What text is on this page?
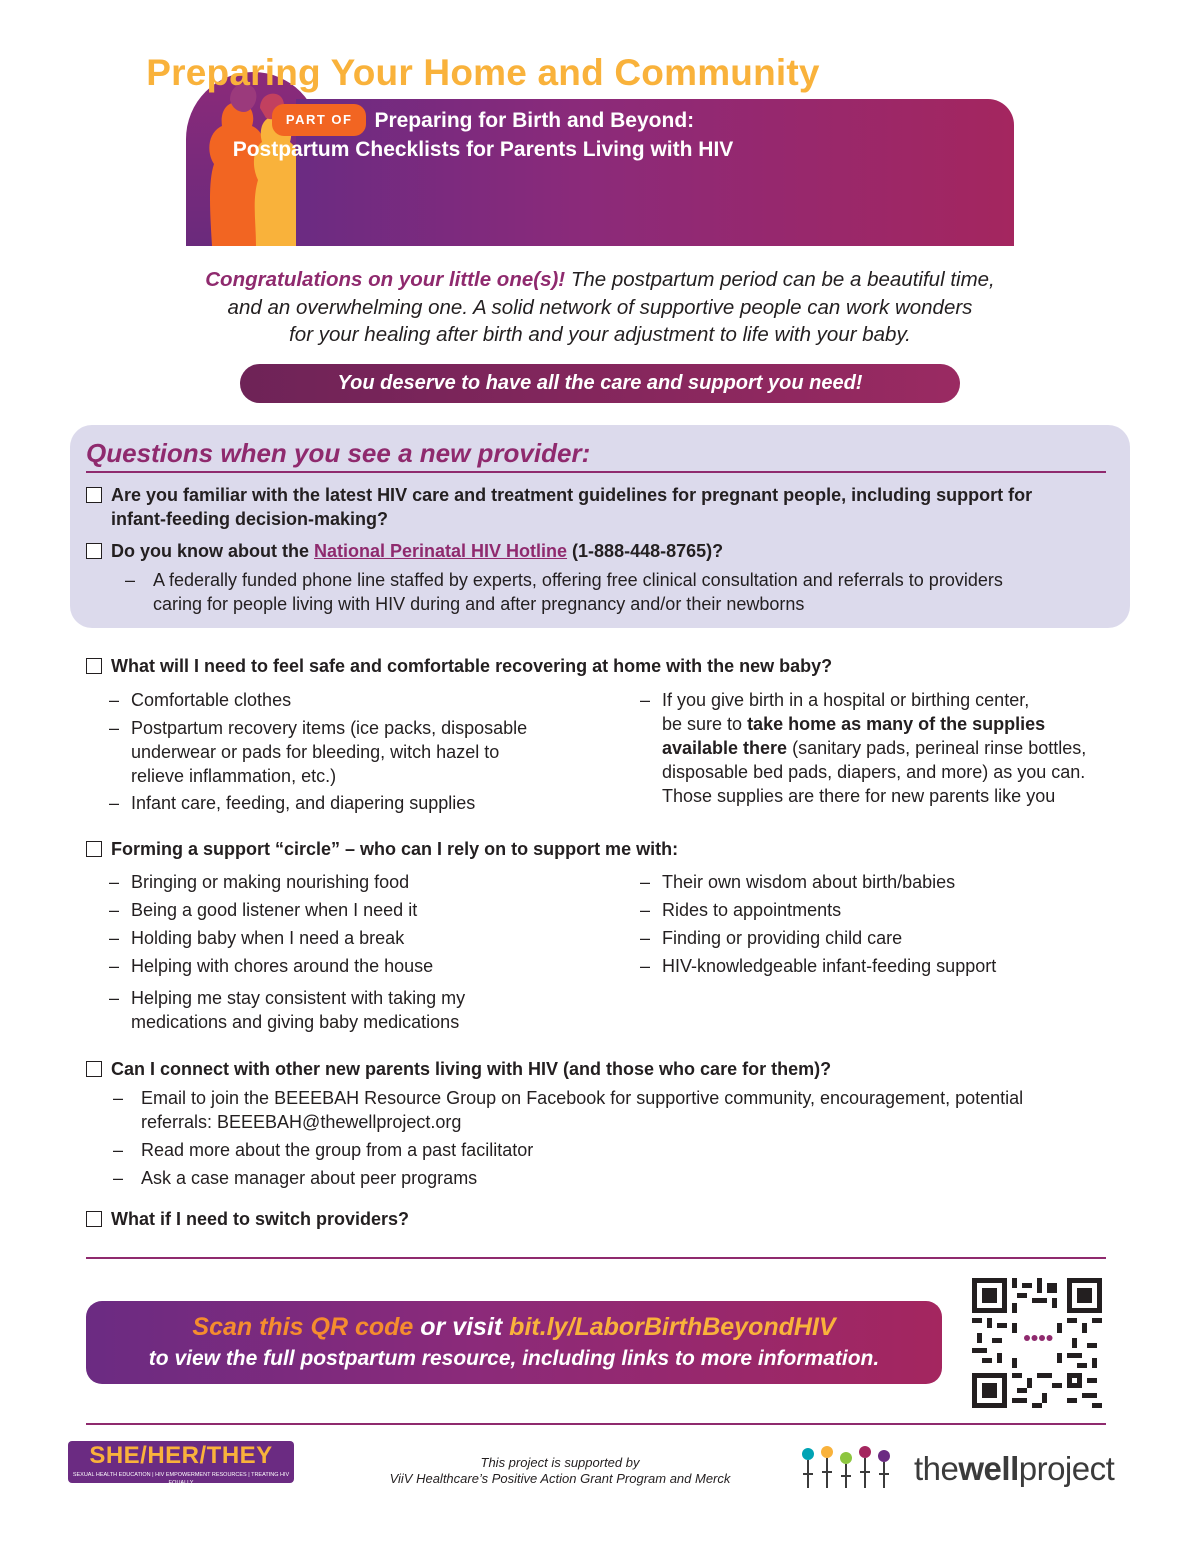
Preparing Your Home and Community
PART OF Preparing for Birth and Beyond:
Postpartum Checklists for Parents Living with HIV
Congratulations on your little one(s)! The postpartum period can be a beautiful time,
and an overwhelming one. A solid network of supportive people can work wonders
for your healing after birth and your adjustment to life with your baby.
You deserve to have all the care and support you need!
Questions when you see a new provider:
Are you familiar with the latest HIV care and treatment guidelines for pregnant people, including support for
infant-feeding decision-making?
Do you know about the National Perinatal HIV Hotline (1-888-448-8765)?
– A federally funded phone line staffed by experts, offering free clinical consultation and referrals to providers
caring for people living with HIV during and after pregnancy and/or their newborns
What will I need to feel safe and comfortable recovering at home with the new baby?
– Comfortable clothes
– Postpartum recovery items (ice packs, disposable
underwear or pads for bleeding, witch hazel to
relieve inflammation, etc.)
– Infant care, feeding, and diapering supplies
– If you give birth in a hospital or birthing center,
be sure to take home as many of the supplies
available there (sanitary pads, perineal rinse bottles,
disposable bed pads, diapers, and more) as you can.
Those supplies are there for new parents like you
Forming a support “circle” – who can I rely on to support me with:
– Bringing or making nourishing food
– Being a good listener when I need it
– Holding baby when I need a break
– Helping with chores around the house
– Helping me stay consistent with taking my
medications and giving baby medications
– Their own wisdom about birth/babies
– Rides to appointments
– Finding or providing child care
– HIV-knowledgeable infant-feeding support
Can I connect with other new parents living with HIV (and those who care for them)?
– Email to join the BEEEBAH Resource Group on Facebook for supportive community, encouragement, potential
referrals: BEEEBAH@thewellproject.org
– Read more about the group from a past facilitator
– Ask a case manager about peer programs
What if I need to switch providers?
Scan this QR code or visit bit.ly/LaborBirthBeyondHIV
to view the full postpartum resource, including links to more information.
SHE/HER/THEY
SEXUAL HEALTH EDUCATION | HIV EMPOWERMENT RESOURCES | TREATING HIV EQUALLY
This project is supported by
ViiV Healthcare’s Positive Action Grant Program and Merck	thewellproject
